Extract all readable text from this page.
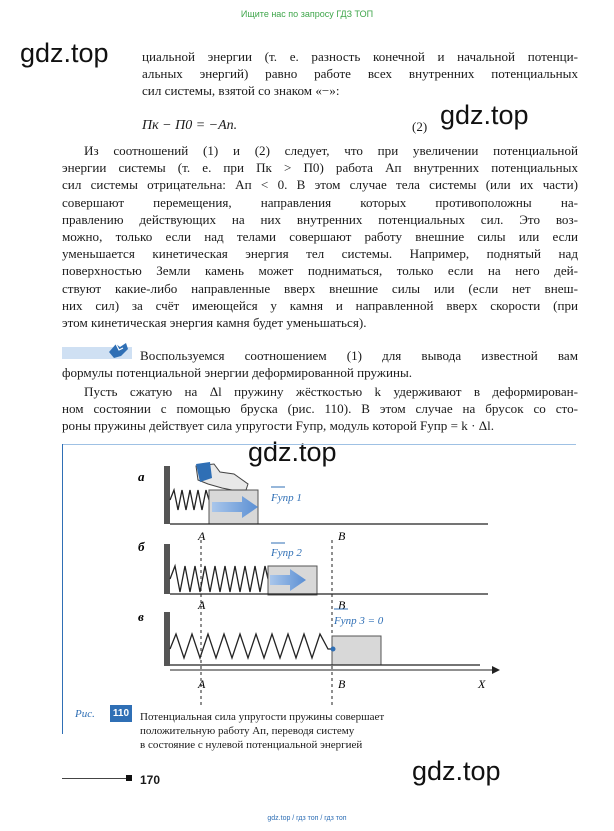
Ищите нас по запросу ГДЗ ТОП
gdz.top
gdz.top
gdz.top
gdz.top
циальной энергии (т. е. разность конечной и начальной потенци-
альных энергий) равно работе всех внутренних потенциальных
сил системы, взятой со знаком «−»:
Пк − П0 = −Ап.	(2)
Из соотношений (1) и (2) следует, что при увеличении потенциальной
энергии системы (т. е. при Пк > П0) работа Ап внутренних потенциальных
сил системы отрицательна: Ап < 0. В этом случае тела системы (или их части)
совершают перемещения, направления которых противоположны на-
правлению действующих на них внутренних потенциальных сил. Это воз-
можно, только если над телами совершают работу внешние силы или если
уменьшается кинетическая энергия тел системы. Например, поднятый над
поверхностью Земли камень может подниматься, только если на него дей-
ствуют какие-либо направленные вверх внешние силы или (если нет внеш-
них сил) за счёт имеющейся у камня и направленной вверх скорости (при
этом кинетическая энергия камня будет уменьшаться).
Воспользуемся соотношением (1) для вывода известной вам
формулы потенциальной энергии деформированной пружины.
Пусть сжатую на Δl пружину жёсткостью k удерживают в деформирован-
ном состоянии с помощью бруска (рис. 110). В этом случае на брусок со сто-
роны пружины действует сила упругости Fупр, модуль которой Fупр = k · Δl.
а
Fупр 1
б
A	B
Fупр 2
в
A	B
Fупр 3 = 0
A	B	X
Рис. 110 Потенциальная сила упругости пружины совершает
положительную работу Ап, переводя систему
в состояние с нулевой потенциальной энергией
170
gdz.top / гдз топ / гдз топ
